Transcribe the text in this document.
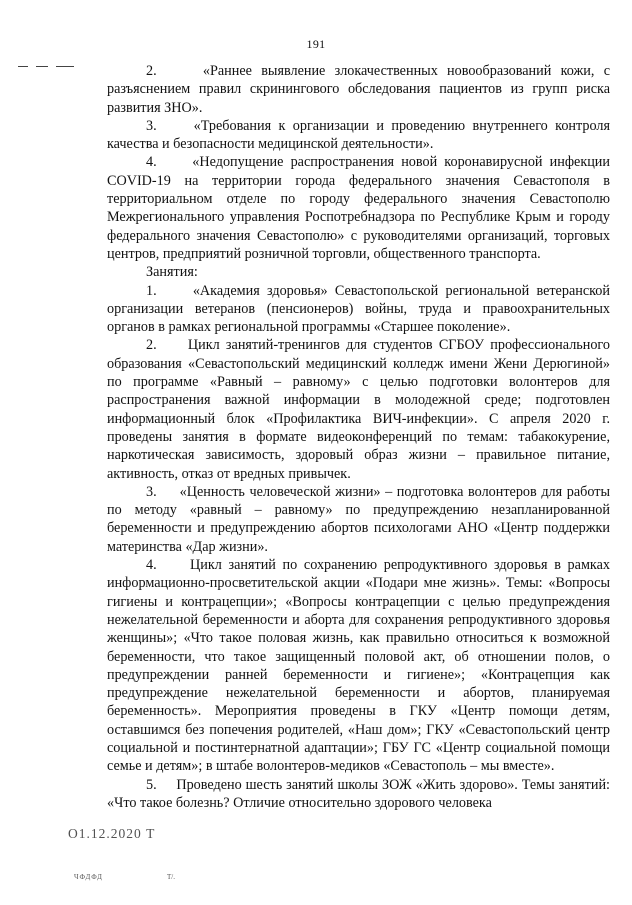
191

2.     «Раннее выявление злокачественных новообразований кожи, с разъяснением правил скринингового обследования пациентов из групп риска развития ЗНО».

3.     «Требования к организации и проведению внутреннего контроля качества и безопасности медицинской деятельности».

4.     «Недопущение распространения новой коронавирусной инфекции COVID-19 на территории города федерального значения Севастополя в территориальном отделе по городу федерального значения Севастополю Межрегионального управления Роспотребнадзора по Республике Крым и городу федерального значения Севастополю» с руководителями организаций, торговых центров, предприятий розничной торговли, общественного транспорта.

Занятия:

1.     «Академия здоровья» Севастопольской региональной ветеранской организации ветеранов (пенсионеров) войны, труда и правоохранительных органов в рамках региональной программы «Старшее поколение».

2.     Цикл занятий-тренингов для студентов СГБОУ профессионального образования «Севастопольский медицинский колледж имени Жени Дерюгиной» по программе «Равный – равному» с целью подготовки волонтеров для распространения важной информации в молодежной среде; подготовлен информационный блок «Профилактика ВИЧ-инфекции». С апреля 2020 г. проведены занятия в формате видеоконференций по темам: табакокурение, наркотическая зависимость, здоровый образ жизни – правильное питание, активность, отказ от вредных привычек.

3.     «Ценность человеческой жизни» – подготовка волонтеров для работы по методу «равный – равному» по предупреждению незапланированной беременности и предупреждению абортов психологами АНО «Центр поддержки материнства «Дар жизни».

4.     Цикл занятий по сохранению репродуктивного здоровья в рамках информационно-просветительской акции «Подари мне жизнь». Темы: «Вопросы гигиены и контрацепции»; «Вопросы контрацепции с целью предупреждения нежелательной беременности и аборта для сохранения репродуктивного здоровья женщины»; «Что такое половая жизнь, как правильно относиться к возможной беременности, что такое защищенный половой акт, об отношении полов, о предупреждении ранней беременности и гигиене»; «Контрацепция как предупреждение нежелательной беременности и абортов, планируемая беременность». Мероприятия проведены в ГКУ «Центр помощи детям, оставшимся без попечения родителей, «Наш дом»; ГКУ «Севастопольский центр социальной и постинтернатной адаптации»; ГБУ ГС «Центр социальной помощи семье и детям»; в штабе волонтеров-медиков «Севастополь – мы вместе».

5.     Проведено шесть занятий школы ЗОЖ «Жить здорово». Темы занятий: «Что такое болезнь? Отличие относительно здорового человека

О1.12.2020 Т
ЧФДФД	Т/.
